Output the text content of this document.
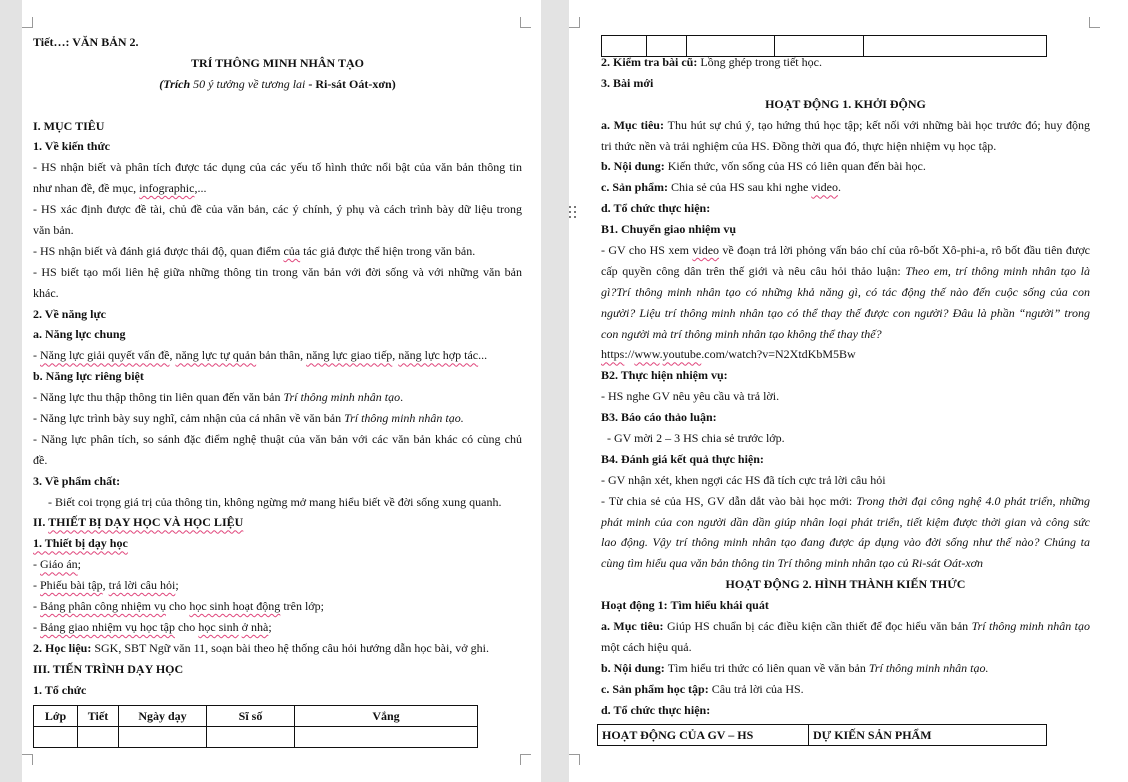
Tiết…: VĂN BẢN 2.
TRÍ THÔNG MINH NHÂN TẠO
(Trích 50 ý tưởng về tương lai - Ri-sát Oát-xơn)
I. MỤC TIÊU
1. Về kiến thức
- HS nhận biết và phân tích được tác dụng của các yếu tố hình thức nổi bật của văn bản thông tin
như nhan đề, đề mục, infographic,...
- HS xác định được đề tài, chủ đề của văn bản, các ý chính, ý phụ và cách trình bày dữ liệu trong
văn bản.
- HS nhận biết và đánh giá được thái độ, quan điểm của tác giả được thể hiện trong văn bản.
- HS biết tạo mối liên hệ giữa những thông tin trong văn bản với đời sống và với những văn bản
khác.
2. Về năng lực
a. Năng lực chung
- Năng lực giải quyết vấn đề, năng lực tự quản bản thân, năng lực giao tiếp, năng lực hợp tác...
b. Năng lực riêng biệt
- Năng lực thu thập thông tin liên quan đến văn bản Trí thông minh nhân tạo.
- Năng lực trình bày suy nghĩ, cảm nhận của cá nhân về văn bản Trí thông minh nhân tạo.
- Năng lực phân tích, so sánh đặc điểm nghệ thuật của văn bản với các văn bản khác có cùng chủ
đề.
3. Về phẩm chất:
- Biết coi trọng giá trị của thông tin, không ngừng mở mang hiểu biết về đời sống xung quanh.
II. THIẾT BỊ DẠY HỌC VÀ HỌC LIỆU
1. Thiết bị dạy học
- Giáo án;
- Phiếu bài tập, trả lời câu hỏi;
- Bảng phân công nhiệm vụ cho học sinh hoạt động trên lớp;
- Bảng giao nhiệm vụ học tập cho học sinh ở nhà;
2. Học liệu: SGK, SBT Ngữ văn 11, soạn bài theo hệ thống câu hỏi hướng dẫn học bài, vở ghi.
III. TIẾN TRÌNH DẠY HỌC
1. Tổ chức
Lớp	Tiết	Ngày dạy	Sĩ số	Vắng

2. Kiểm tra bài cũ: Lồng ghép trong tiết học.
3. Bài mới
HOẠT ĐỘNG 1. KHỞI ĐỘNG
a. Mục tiêu: Thu hút sự chú ý, tạo hứng thú học tập; kết nối với những bài học trước đó; huy động
tri thức nền và trải nghiệm của HS. Đồng thời qua đó, thực hiện nhiệm vụ học tập.
b. Nội dung: Kiến thức, vốn sống của HS có liên quan đến bài học.
c. Sản phẩm: Chia sẻ của HS sau khi nghe video.
d. Tổ chức thực hiện:
B1. Chuyển giao nhiệm vụ
- GV cho HS xem video về đoạn trả lời phỏng vấn báo chí của rô-bốt Xô-phi-a, rô bốt đầu tiên được
cấp quyền công dân trên thế giới và nêu câu hỏi thảo luận: Theo em, trí thông minh nhân tạo là
gì?Trí thông minh nhân tạo có những khả năng gì, có tác động thế nào đến cuộc sống của con
người? Liệu trí thông minh nhân tạo có thể thay thế được con người? Đâu là phần “người” trong
con người mà trí thông minh nhân tạo không thể thay thế?
https://www.youtube.com/watch?v=N2XtdKbM5Bw
B2. Thực hiện nhiệm vụ:
- HS nghe GV nêu yêu cầu và trả lời.
B3. Báo cáo thảo luận:
- GV mời 2 – 3 HS chia sẻ trước lớp.
B4. Đánh giá kết quả thực hiện:
- GV nhận xét, khen ngợi các HS đã tích cực trả lời câu hỏi
- Từ chia sẻ của HS, GV dẫn dắt vào bài học mới: Trong thời đại công nghệ 4.0 phát triển, những
phát minh của con người dần dần giúp nhân loại phát triển, tiết kiệm được thời gian và công sức
lao động. Vậy trí thông minh nhân tạo đang được áp dụng vào đời sống như thế nào? Chúng ta
cùng tìm hiểu qua văn bản thông tin Trí thông minh nhân tạo củ Ri-sát Oát-xơn
HOẠT ĐỘNG 2. HÌNH THÀNH KIẾN THỨC
Hoạt động 1: Tìm hiểu khái quát
a. Mục tiêu: Giúp HS chuẩn bị các điều kiện cần thiết để đọc hiểu văn bản Trí thông minh nhân tạo
một cách hiệu quả.
b. Nội dung: Tìm hiểu tri thức có liên quan về văn bản Trí thông minh nhân tạo.
c. Sản phẩm học tập: Câu trả lời của HS.
d. Tổ chức thực hiện:
HOẠT ĐỘNG CỦA GV – HS	DỰ KIẾN SẢN PHẨM
